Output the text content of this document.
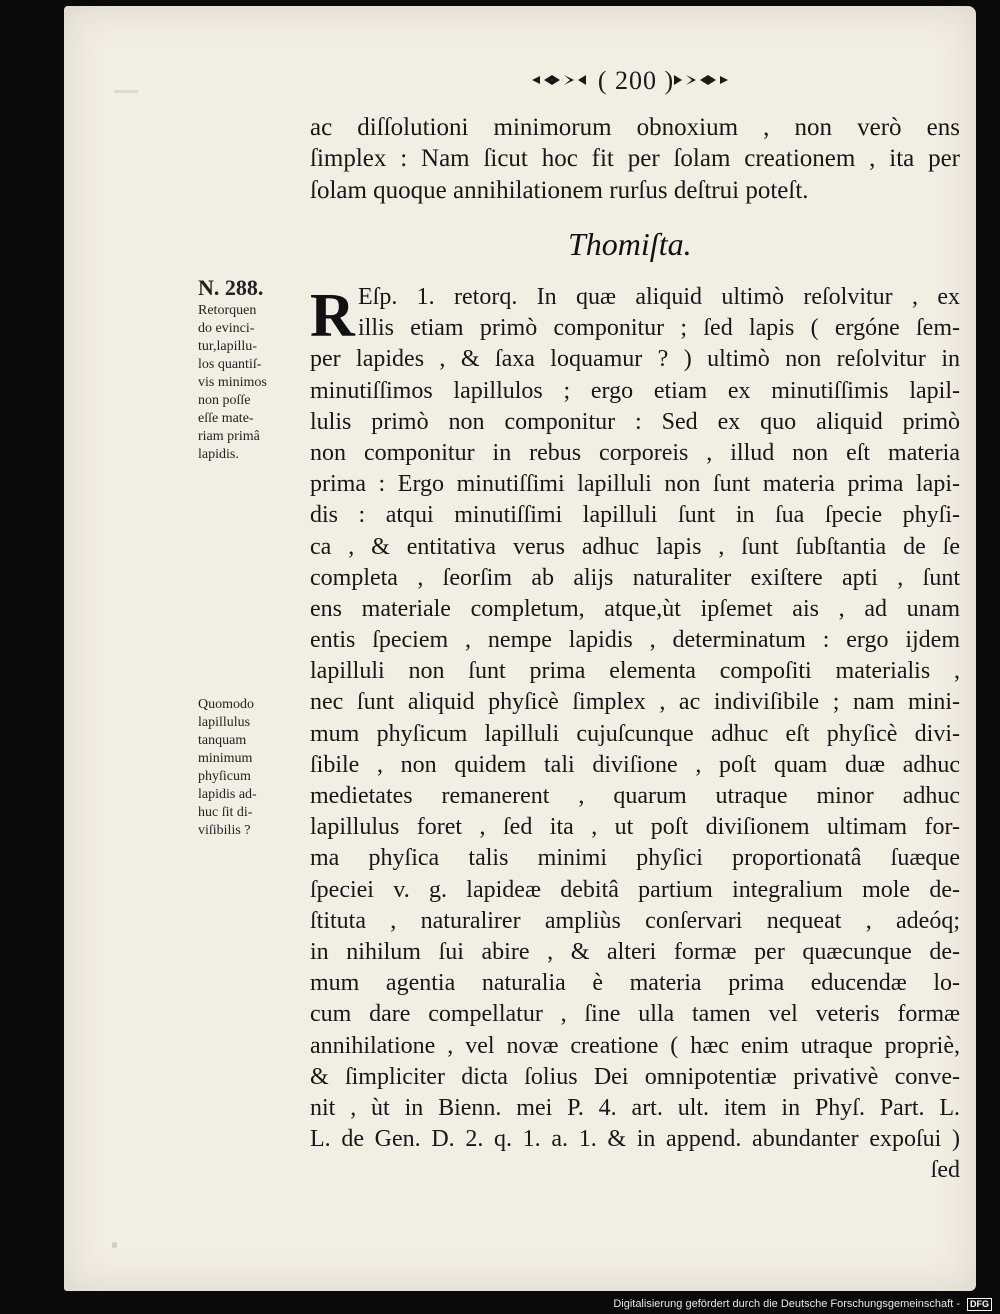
( 200 )
ac diſſolutioni minimorum obnoxium , non verò ens
ſimplex : Nam ſicut hoc fit per ſolam creationem , ita per
ſolam quoque annihilationem rurſus deſtrui poteſt.
Thomiſta.
R Eſp. 1. retorq. In quæ aliquid ultimò reſolvitur , ex
illis etiam primò componitur ; ſed lapis ( ergóne ſem-
per lapides , & ſaxa loquamur ? ) ultimò non reſolvitur in
minutiſſimos lapillulos ; ergo etiam ex minutiſſimis lapil-
lulis primò non componitur : Sed ex quo aliquid primò
non componitur in rebus corporeis , illud non eſt materia
prima : Ergo minutiſſimi lapilluli non ſunt materia prima lapi-
dis : atqui minutiſſimi lapilluli ſunt in ſua ſpecie phyſi-
ca , & entitativa verus adhuc lapis , ſunt ſubſtantia de ſe
completa , ſeorſim ab alijs naturaliter exiſtere apti , ſunt
ens materiale completum, atque,ùt ipſemet ais , ad unam
entis ſpeciem , nempe lapidis , determinatum : ergo ijdem
lapilluli non ſunt prima elementa compoſiti materialis ,
nec ſunt aliquid phyſicè ſimplex , ac indiviſibile ; nam mini-
mum phyſicum lapilluli cujuſcunque adhuc eſt phyſicè divi-
ſibile , non quidem tali diviſione , poſt quam duæ adhuc
medietates remanerent , quarum utraque minor adhuc
lapillulus foret , ſed ita , ut poſt diviſionem ultimam for-
ma phyſica talis minimi phyſici proportionatâ ſuæque
ſpeciei v. g. lapideæ debitâ partium integralium mole de-
ſtituta , naturalirer ampliùs conſervari nequeat , adeóq;
in nihilum ſui abire , & alteri formæ per quæcunque de-
mum agentia naturalia è materia prima educendæ lo-
cum dare compellatur , ſine ulla tamen vel veteris formæ
annihilatione , vel novæ creatione ( hæc enim utraque propriè,
& ſimpliciter dicta ſolius Dei omnipotentiæ privativè conve-
nit , ùt in Bienn. mei P. 4. art. ult. item in Phyſ. Part. L.
L. de Gen. D. 2. q. 1. a. 1. & in append. abundanter expoſui )
ſed
N. 288.
Retorquen
do evinci-
tur,lapillu-
los quantiſ-
vis minimos
non poſſe
eſſe mate-
riam primâ
lapidis.
Quomodo
lapillulus
tanquam
minimum
phyſicum
lapidis ad-
huc ſit di-
viſibilis ?
Digitalisierung gefördert durch die Deutsche Forschungsgemeinschaft -	DFG
